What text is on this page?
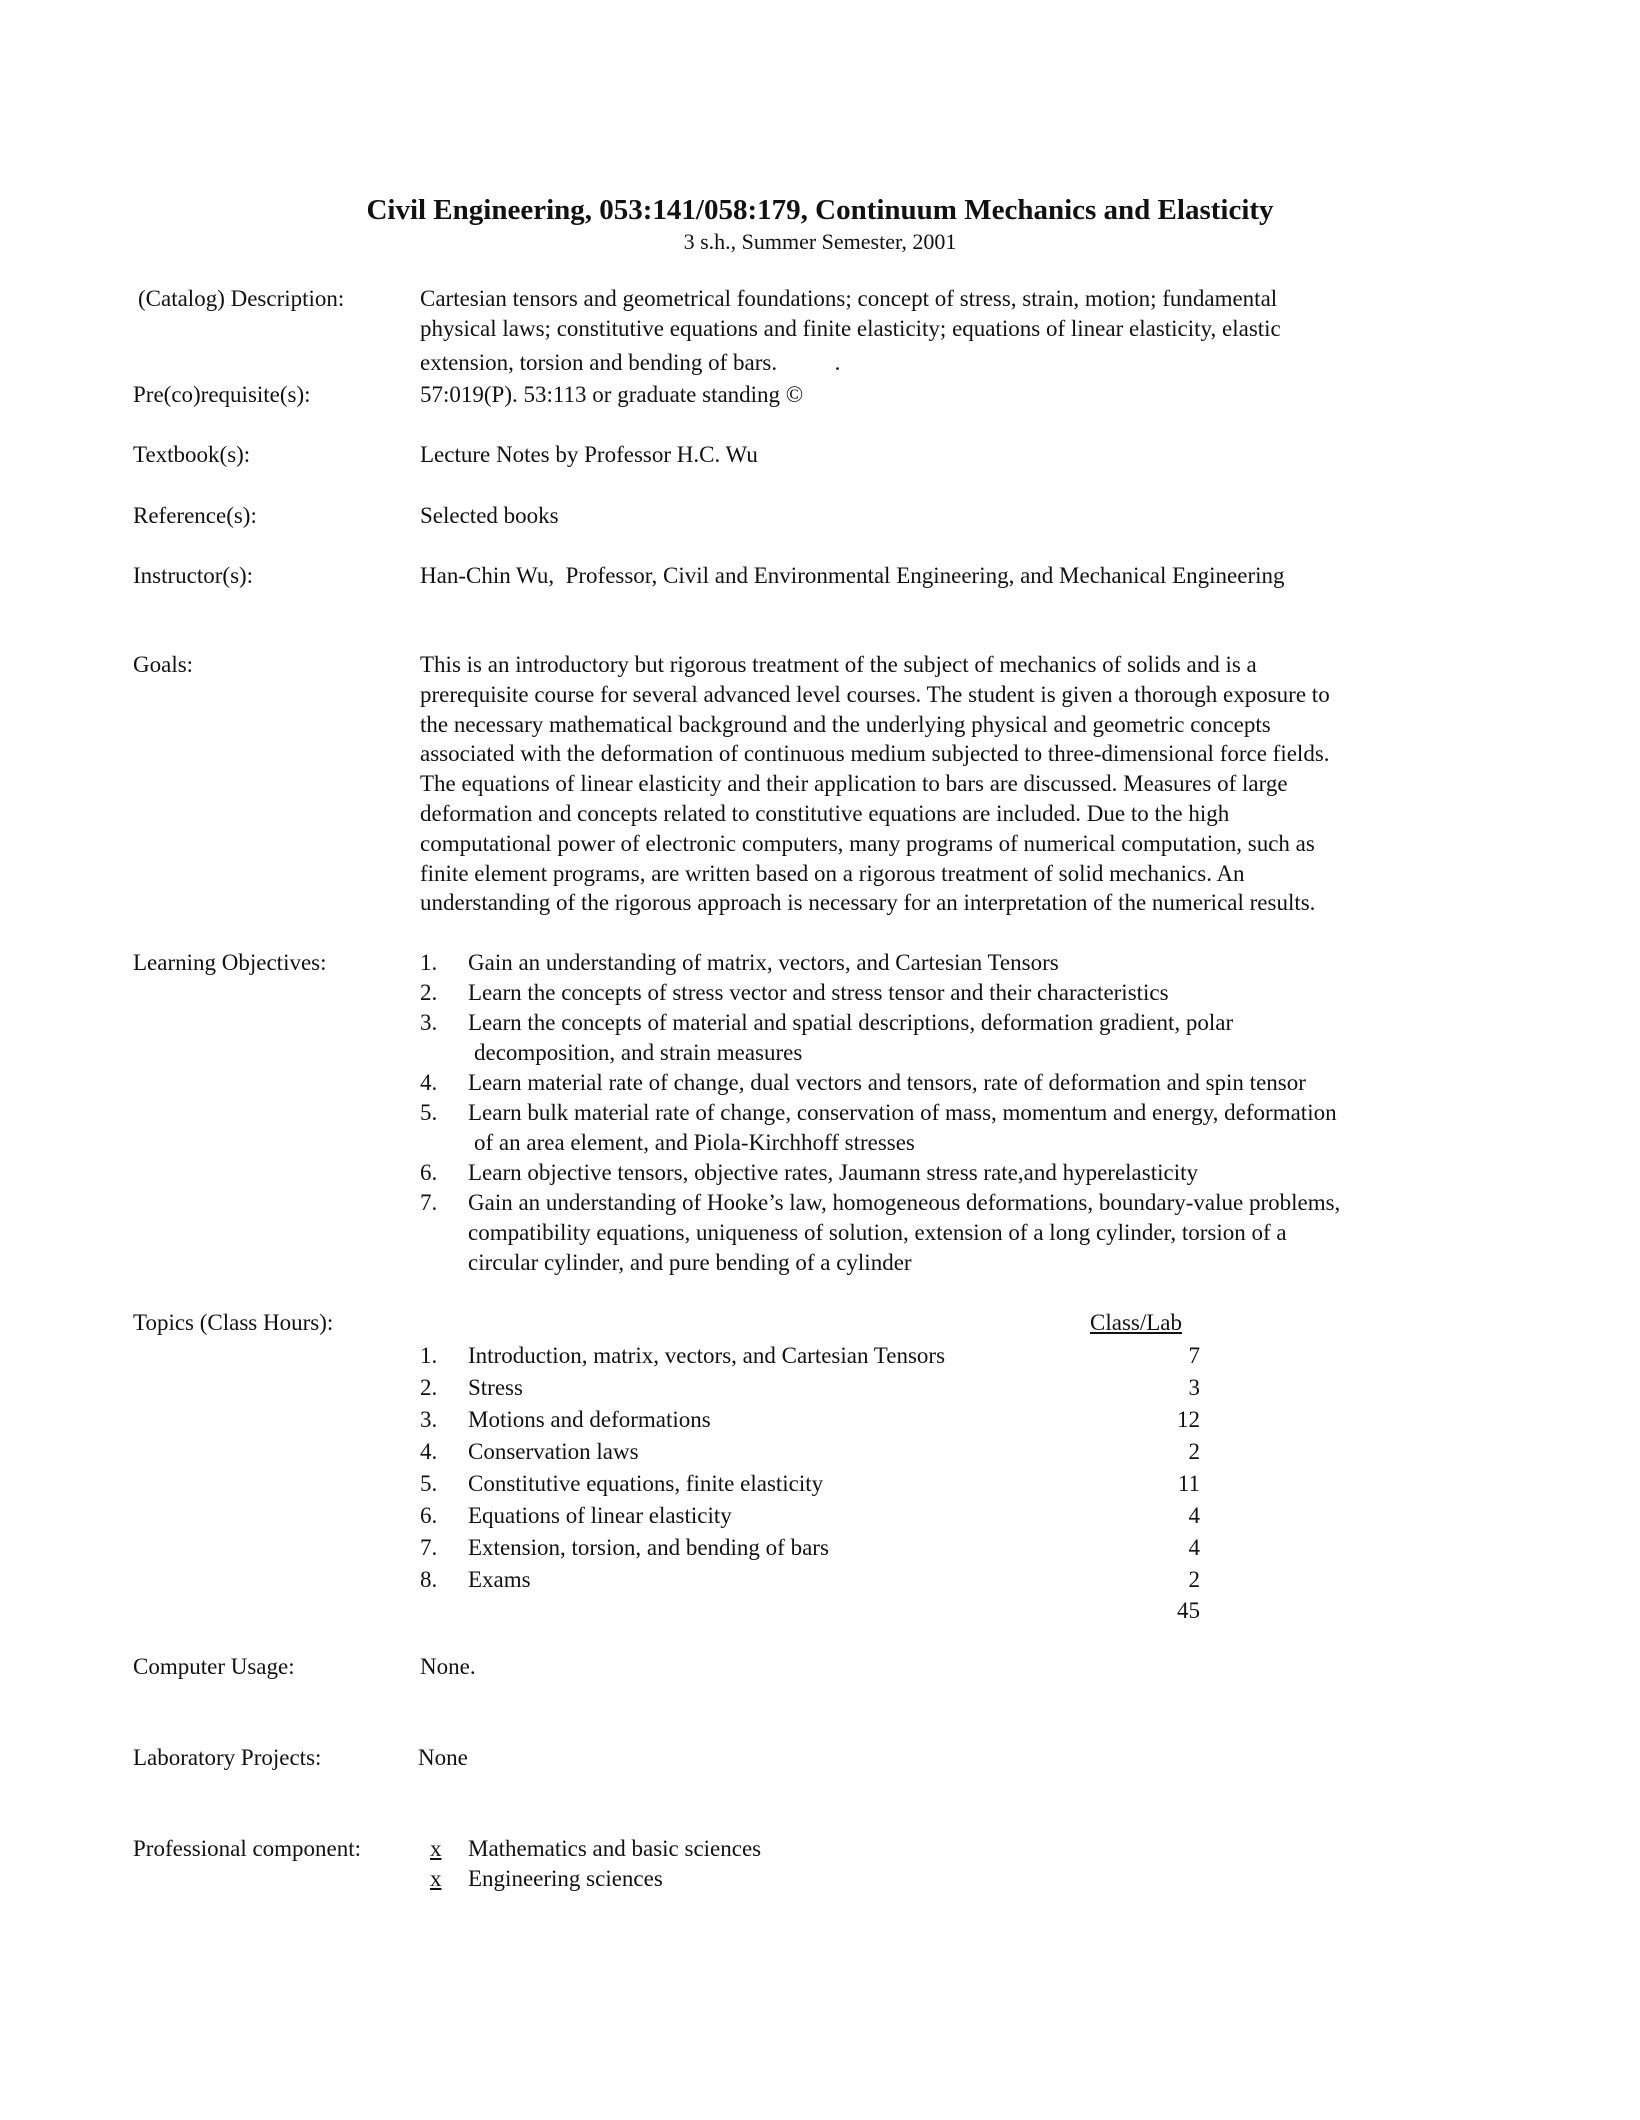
Civil Engineering, 053:141/058:179, Continuum Mechanics and Elasticity
3 s.h., Summer Semester, 2001
(Catalog) Description:	Cartesian tensors and geometrical foundations; concept of stress, strain, motion; fundamental
physical laws; constitutive equations and finite elasticity; equations of linear elasticity, elastic
extension, torsion and bending of bars.          .
Pre(co)requisite(s):	57:019(P). 53:113 or graduate standing ©
Textbook(s):	Lecture Notes by Professor H.C. Wu
Reference(s):	Selected books
Instructor(s):	Han-Chin Wu,  Professor, Civil and Environmental Engineering, and Mechanical Engineering
Goals:	This is an introductory but rigorous treatment of the subject of mechanics of solids and is a
prerequisite course for several advanced level courses. The student is given a thorough exposure to
the necessary mathematical background and the underlying physical and geometric concepts
associated with the deformation of continuous medium subjected to three-dimensional force fields.
The equations of linear elasticity and their application to bars are discussed. Measures of large
deformation and concepts related to constitutive equations are included. Due to the high
computational power of electronic computers, many programs of numerical computation, such as
finite element programs, are written based on a rigorous treatment of solid mechanics. An
understanding of the rigorous approach is necessary for an interpretation of the numerical results.
Learning Objectives:	1.	Gain an understanding of matrix, vectors, and Cartesian Tensors
2.	Learn the concepts of stress vector and stress tensor and their characteristics
3.	Learn the concepts of material and spatial descriptions, deformation gradient, polar
decomposition, and strain measures
4.	Learn material rate of change, dual vectors and tensors, rate of deformation and spin tensor
5.	Learn bulk material rate of change, conservation of mass, momentum and energy, deformation
of an area element, and Piola-Kirchhoff stresses
6.	Learn objective tensors, objective rates, Jaumann stress rate,and hyperelasticity
7.	Gain an understanding of Hooke’s law, homogeneous deformations, boundary-value problems,
compatibility equations, uniqueness of solution, extension of a long cylinder, torsion of a
circular cylinder, and pure bending of a cylinder
Topics (Class Hours):	Class/Lab
1.	Introduction, matrix, vectors, and Cartesian Tensors	7
2.	Stress	3
3.	Motions and deformations	12
4.	Conservation laws	2
5.	Constitutive equations, finite elasticity	11
6.	Equations of linear elasticity	4
7.	Extension, torsion, and bending of bars	4
8.	Exams	2
45
Computer Usage:	None.
Laboratory Projects:	None
Professional component:	x Mathematics and basic sciences
x Engineering sciences
